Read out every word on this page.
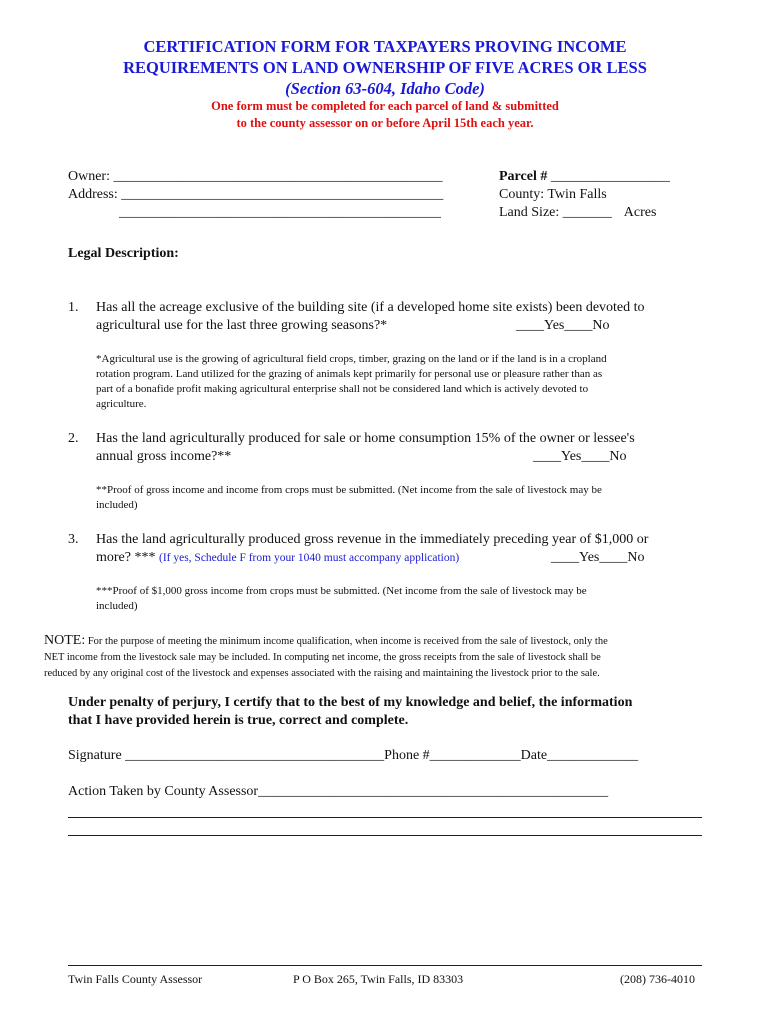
CERTIFICATION FORM FOR TAXPAYERS PROVING INCOME
REQUIREMENTS ON LAND OWNERSHIP OF FIVE ACRES OR LESS
(Section 63-604, Idaho Code)
One form must be completed for each parcel of land & submitted
to the county assessor on or before April 15th each year.
Owner: _______________________________________________
Address: ______________________________________________
______________________________________________
Parcel # _________________
County: Twin Falls
Land Size: _______ Acres
Legal Description:
1. Has all the acreage exclusive of the building site (if a developed home site exists) been devoted to
agricultural use for the last three growing seasons?*	____Yes____No
*Agricultural use is the growing of agricultural field crops, timber, grazing on the land or if the land is in a cropland
rotation program. Land utilized for the grazing of animals kept primarily for personal use or pleasure rather than as
part of a bonafide profit making agricultural enterprise shall not be considered land which is actively devoted to
agriculture.
2. Has the land agriculturally produced for sale or home consumption 15% of the owner or lessee's
annual gross income?**	____Yes____No
**Proof of gross income and income from crops must be submitted. (Net income from the sale of livestock may be
included)
3. Has the land agriculturally produced gross revenue in the immediately preceding year of $1,000 or
more? *** (If yes, Schedule F from your 1040 must accompany application)	____Yes____No
***Proof of $1,000 gross income from crops must be submitted. (Net income from the sale of livestock may be
included)
NOTE: For the purpose of meeting the minimum income qualification, when income is received from the sale of livestock, only the
NET income from the livestock sale may be included. In computing net income, the gross receipts from the sale of livestock shall be
reduced by any original cost of the livestock and expenses associated with the raising and maintaining the livestock prior to the sale.
Under penalty of perjury, I certify that to the best of my knowledge and belief, the information
that I have provided herein is true, correct and complete.
Signature _____________________________________Phone #_____________Date_____________
Action Taken by County Assessor__________________________________________________
Twin Falls County Assessor	P O Box 265, Twin Falls, ID 83303	(208) 736-4010
